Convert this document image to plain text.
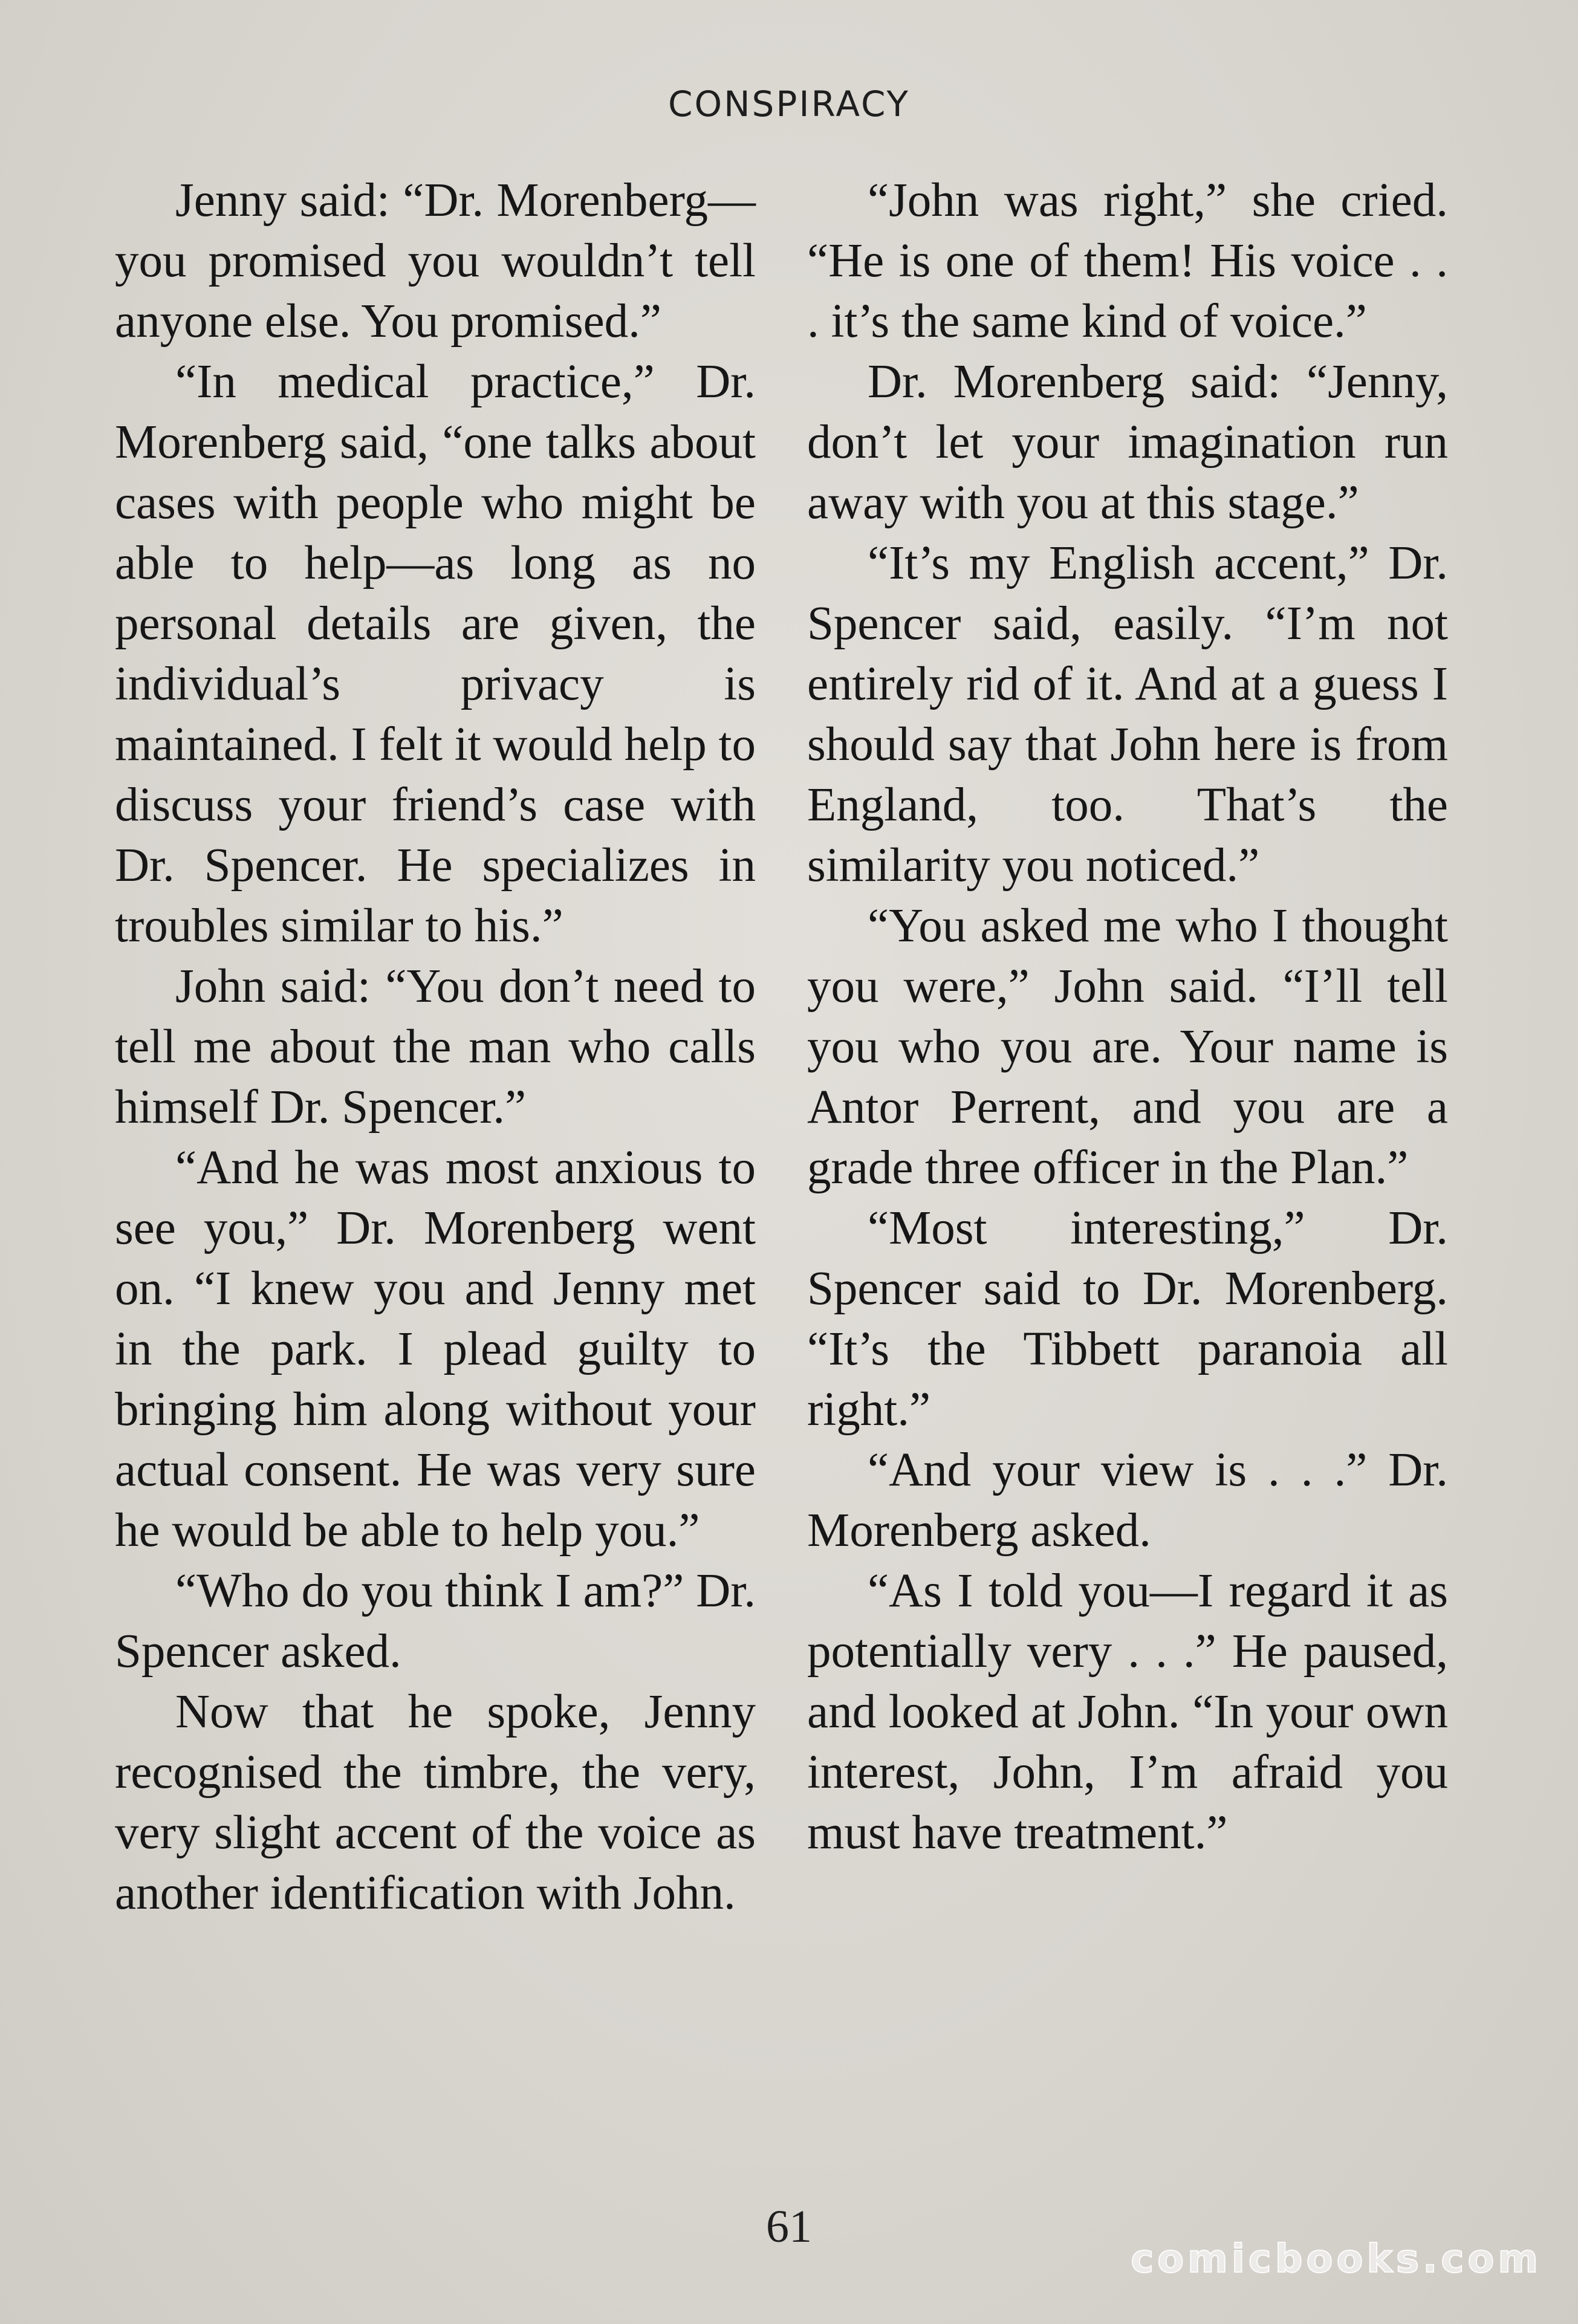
CONSPIRACY

Jenny said: “Dr. Morenberg—you promised you wouldn’t tell anyone else. You promised.”

“In medical practice,” Dr. Morenberg said, “one talks about cases with people who might be able to help—as long as no personal details are given, the individual’s privacy is maintained. I felt it would help to discuss your friend’s case with Dr. Spencer. He specializes in troubles similar to his.”

John said: “You don’t need to tell me about the man who calls himself Dr. Spencer.”

“And he was most anxious to see you,” Dr. Morenberg went on. “I knew you and Jenny met in the park. I plead guilty to bringing him along without your actual consent. He was very sure he would be able to help you.”

“Who do you think I am?” Dr. Spencer asked.

Now that he spoke, Jenny recognised the timbre, the very, very slight accent of the voice as another identification with John.

“John was right,” she cried. “He is one of them! His voice . . . it’s the same kind of voice.”

Dr. Morenberg said: “Jenny, don’t let your imagination run away with you at this stage.”

“It’s my English accent,” Dr. Spencer said, easily. “I’m not entirely rid of it. And at a guess I should say that John here is from England, too. That’s the similarity you noticed.”

“You asked me who I thought you were,” John said. “I’ll tell you who you are. Your name is Antor Perrent, and you are a grade three officer in the Plan.”

“Most interesting,” Dr. Spencer said to Dr. Morenberg. “It’s the Tibbett paranoia all right.”

“And your view is . . .” Dr. Morenberg asked.

“As I told you—I regard it as potentially very . . .” He paused, and looked at John. “In your own interest, John, I’m afraid you must have treatment.”

61
comicbooks.com
